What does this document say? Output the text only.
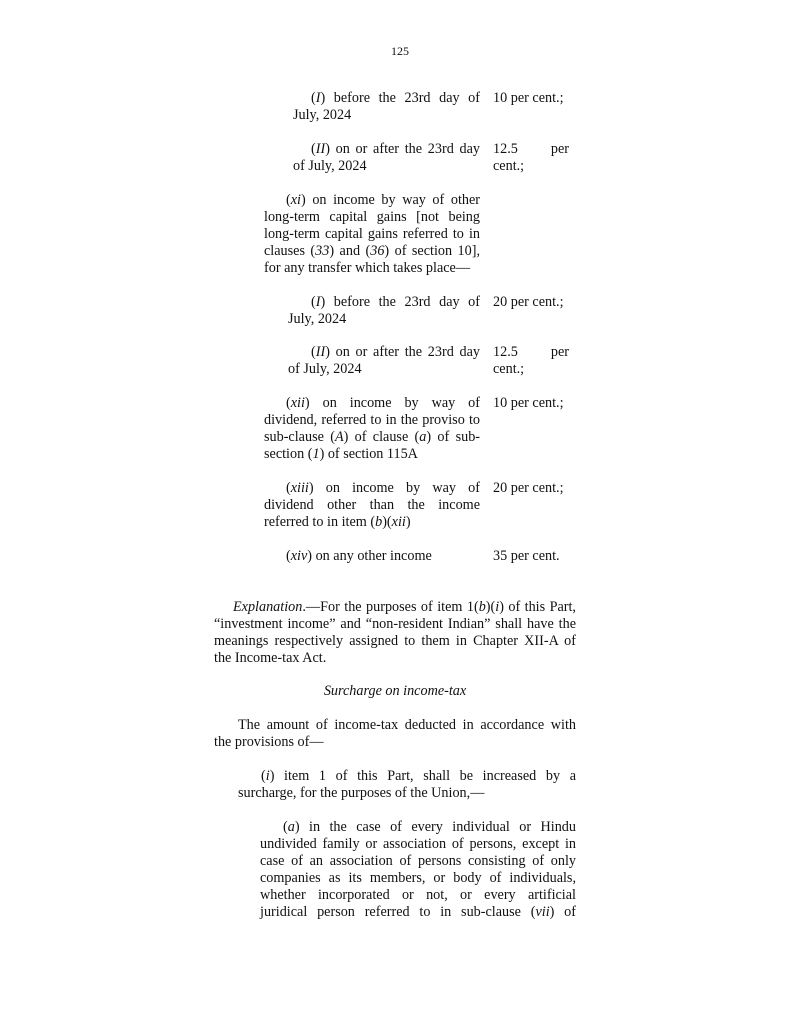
125
(I) before the 23rd day of
July, 2024
10 per cent.;
(II) on or after the 23rd day
of July, 2024
12.5 per
cent.;
(xi) on income by way of other
long-term capital gains [not being
long-term capital gains referred to in
clauses (33) and (36) of section 10],
for any transfer which takes place—
(I) before the 23rd day of
July, 2024
20 per cent.;
(II) on or after the 23rd day
of July, 2024
12.5 per
cent.;
(xii) on income by way of
dividend, referred to in the proviso to
sub-clause (A) of clause (a) of sub-
section (1) of section 115A
10 per cent.;
(xiii) on income by way of
dividend other than the income
referred to in item (b)(xii)
20 per cent.;
(xiv) on any other income	35 per cent.
Explanation.—For the purposes of item 1(b)(i) of this Part,
“investment income” and “non-resident Indian” shall have the
meanings respectively assigned to them in Chapter XII-A of
the Income-tax Act.
Surcharge on income-tax
The amount of income-tax deducted in accordance with
the provisions of—
(i) item 1 of this Part, shall be increased by a
surcharge, for the purposes of the Union,—
(a) in the case of every individual or Hindu
undivided family or association of persons, except in
case of an association of persons consisting of only
companies as its members, or body of individuals,
whether incorporated or not, or every artificial
juridical person referred to in sub-clause (vii) of
